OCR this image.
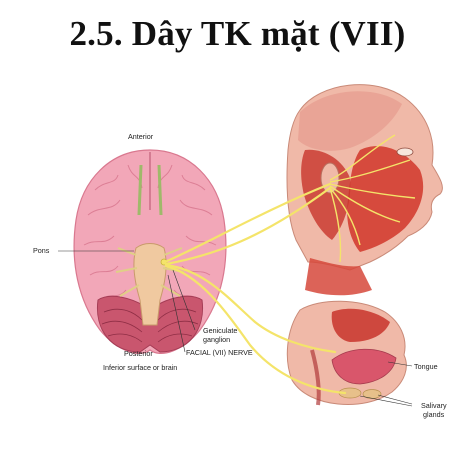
2.5. Dây TK mặt (VII)
Anterior
Pons
Posterior
Inferior surface or brain
Geniculate
ganglion
FACIAL (VII) NERVE
Tongue
Salivary
glands
